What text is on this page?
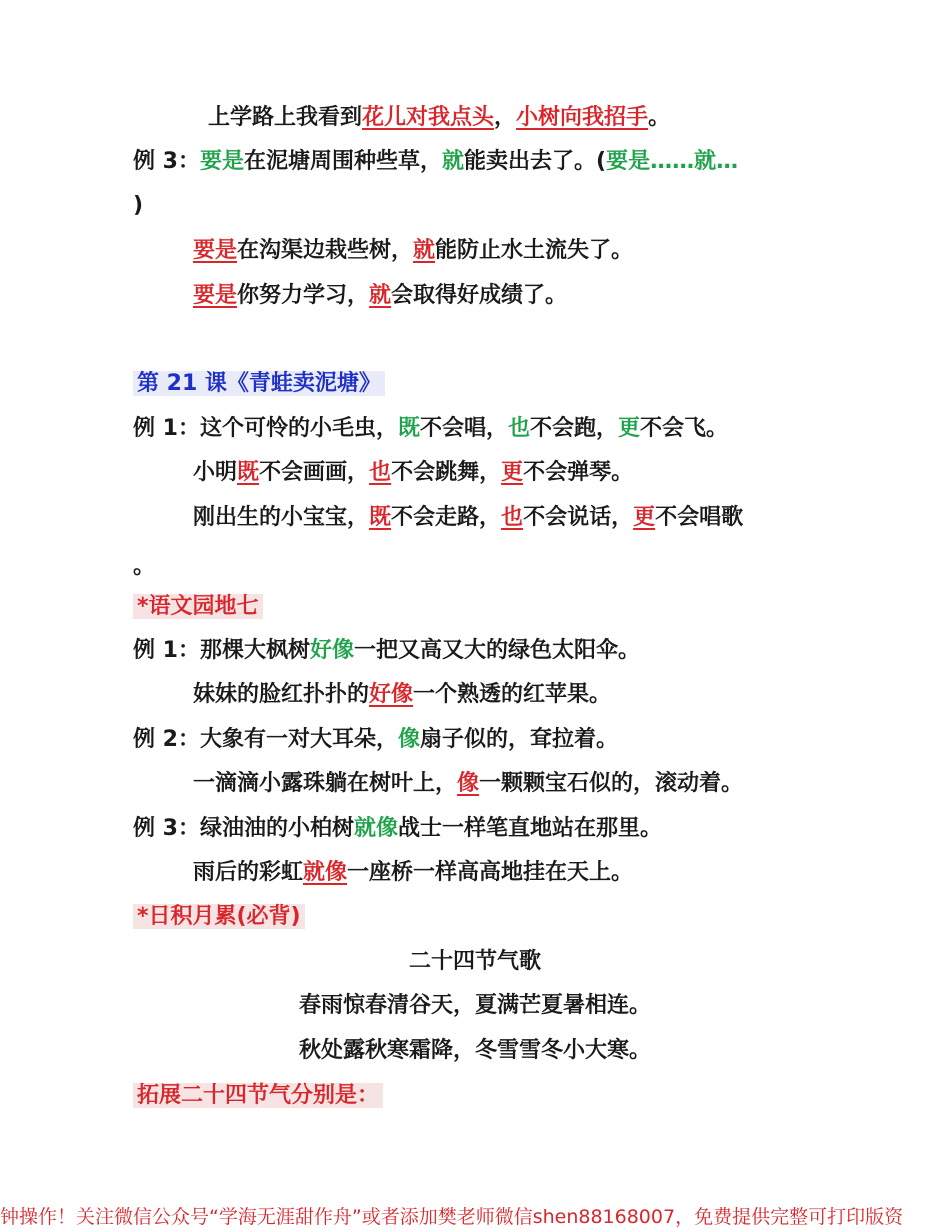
上学路上我看到花儿对我点头，小树向我招手。
例 3：要是在泥塘周围种些草，就能卖出去了。(要是……就…
)
要是在沟渠边栽些树，就能防止水土流失了。
要是你努力学习，就会取得好成绩了。
第 21 课《青蛙卖泥塘》
例 1：这个可怜的小毛虫，既不会唱，也不会跑，更不会飞。
小明既不会画画，也不会跳舞，更不会弹琴。
刚出生的小宝宝，既不会走路，也不会说话，更不会唱歌
。
*语文园地七
例 1：那棵大枫树好像一把又高又大的绿色太阳伞。
妹妹的脸红扑扑的好像一个熟透的红苹果。
例 2：大象有一对大耳朵，像扇子似的，耷拉着。
一滴滴小露珠躺在树叶上，像一颗颗宝石似的，滚动着。
例 3：绿油油的小柏树就像战士一样笔直地站在那里。
雨后的彩虹就像一座桥一样高高地挂在天上。
*日积月累(必背)
二十四节气歌
春雨惊春清谷天，夏满芒夏暑相连。
秋处露秋寒霜降，冬雪雪冬小大寒。
拓展二十四节气分别是：
钟操作！关注微信公众号“学海无涯甜作舟”或者添加樊老师微信shen88168007，免费提供完整可打印版资
